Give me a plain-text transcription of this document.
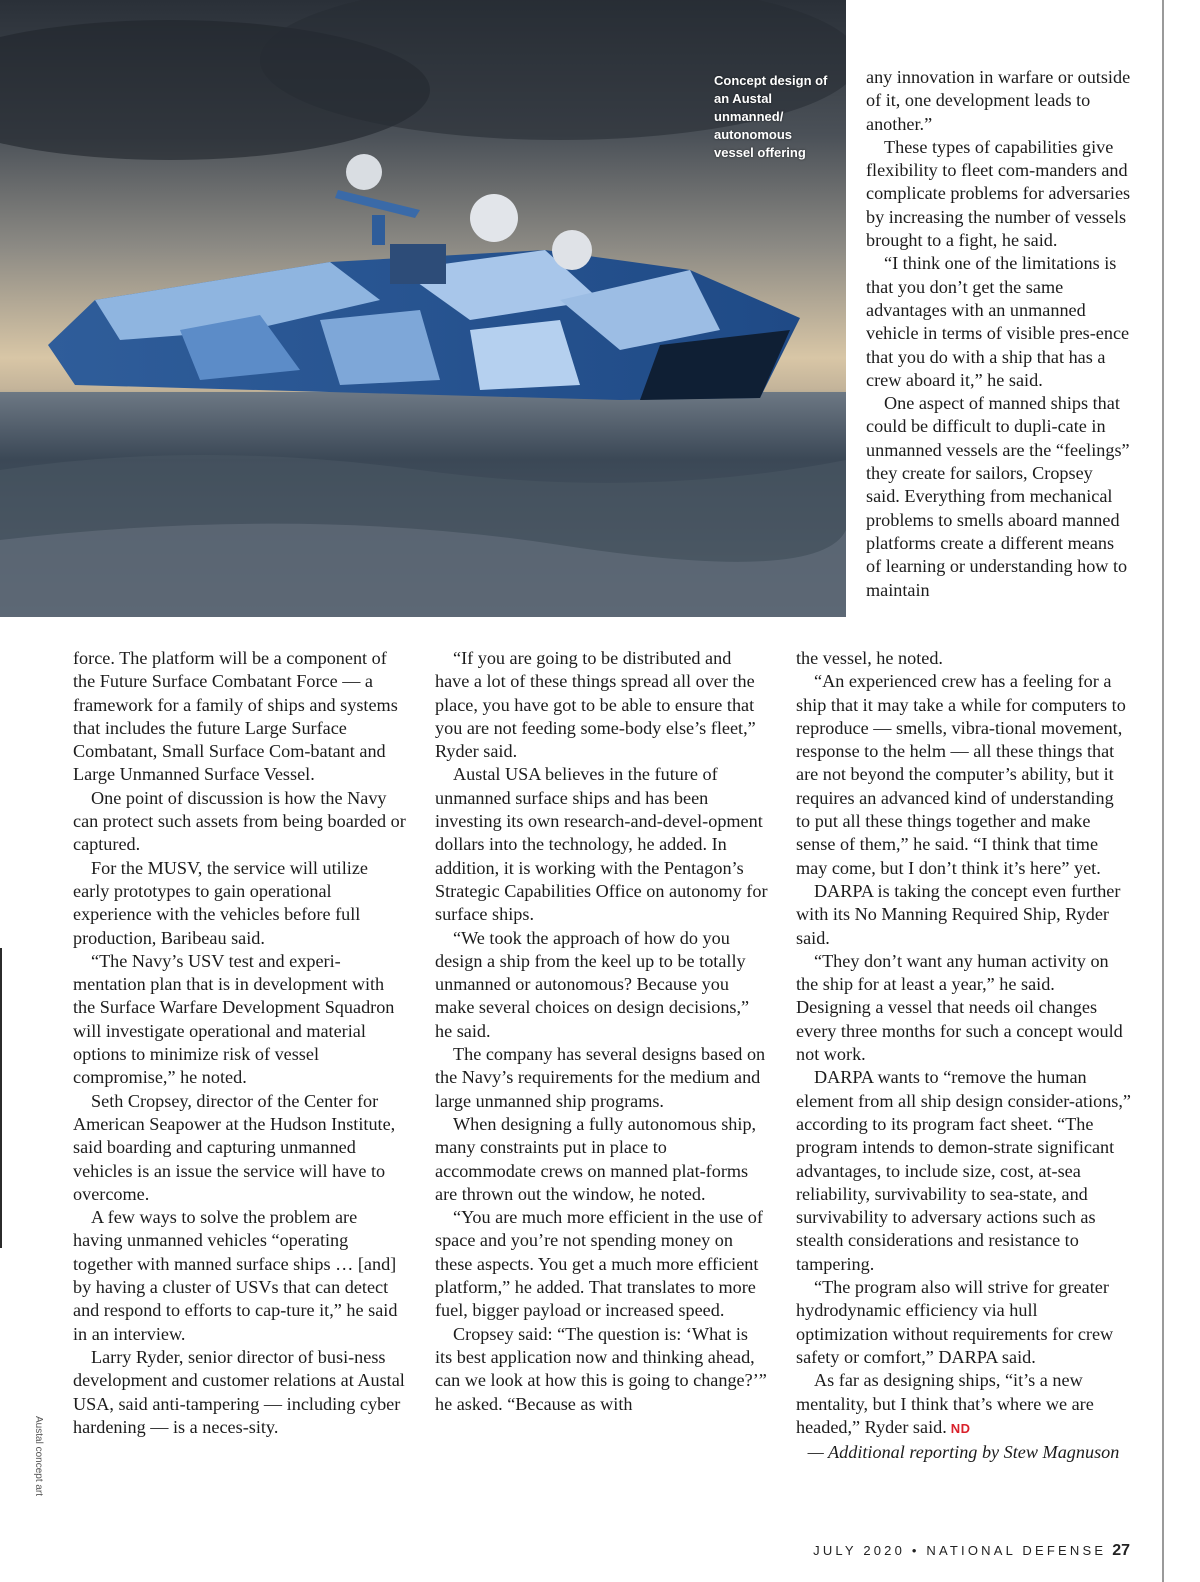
Concept design of an Austal unmanned/ autonomous vessel offering

any innovation in warfare or outside of it, one development leads to another.”

These types of capabilities give flexibility to fleet com-manders and complicate problems for adversaries by increasing the number of vessels brought to a fight, he said.

“I think one of the limitations is that you don’t get the same advantages with an unmanned vehicle in terms of visible pres-ence that you do with a ship that has a crew aboard it,” he said.

One aspect of manned ships that could be difficult to dupli-cate in unmanned vessels are the “feelings” they create for sailors, Cropsey said. Everything from mechanical problems to smells aboard manned platforms create a different means of learning or understanding how to maintain

force. The platform will be a component of the Future Surface Combatant Force — a framework for a family of ships and systems that includes the future Large Surface Combatant, Small Surface Com-batant and Large Unmanned Surface Vessel.

One point of discussion is how the Navy can protect such assets from being boarded or captured.

For the MUSV, the service will utilize early prototypes to gain operational experience with the vehicles before full production, Baribeau said.

“The Navy’s USV test and experi-mentation plan that is in development with the Surface Warfare Development Squadron will investigate operational and material options to minimize risk of vessel compromise,” he noted.

Seth Cropsey, director of the Center for American Seapower at the Hudson Institute, said boarding and capturing unmanned vehicles is an issue the service will have to overcome.

A few ways to solve the problem are having unmanned vehicles “operating together with manned surface ships … [and] by having a cluster of USVs that can detect and respond to efforts to cap-ture it,” he said in an interview.

Larry Ryder, senior director of busi-ness development and customer relations at Austal USA, said anti-tampering — including cyber hardening — is a neces-sity.

“If you are going to be distributed and have a lot of these things spread all over the place, you have got to be able to ensure that you are not feeding some-body else’s fleet,” Ryder said.

Austal USA believes in the future of unmanned surface ships and has been investing its own research-and-devel-opment dollars into the technology, he added. In addition, it is working with the Pentagon’s Strategic Capabilities Office on autonomy for surface ships.

“We took the approach of how do you design a ship from the keel up to be totally unmanned or autonomous? Because you make several choices on design decisions,” he said.

The company has several designs based on the Navy’s requirements for the medium and large unmanned ship programs.

When designing a fully autonomous ship, many constraints put in place to accommodate crews on manned plat-forms are thrown out the window, he noted.

“You are much more efficient in the use of space and you’re not spending money on these aspects. You get a much more efficient platform,” he added. That translates to more fuel, bigger payload or increased speed.

Cropsey said: “The question is: ‘What is its best application now and thinking ahead, can we look at how this is going to change?’” he asked. “Because as with

the vessel, he noted.

“An experienced crew has a feeling for a ship that it may take a while for computers to reproduce — smells, vibra-tional movement, response to the helm — all these things that are not beyond the computer’s ability, but it requires an advanced kind of understanding to put all these things together and make sense of them,” he said. “I think that time may come, but I don’t think it’s here” yet.

DARPA is taking the concept even further with its No Manning Required Ship, Ryder said.

“They don’t want any human activity on the ship for at least a year,” he said. Designing a vessel that needs oil changes every three months for such a concept would not work.

DARPA wants to “remove the human element from all ship design consider-ations,” according to its program fact sheet. “The program intends to demon-strate significant advantages, to include size, cost, at-sea reliability, survivability to sea-state, and survivability to adversary actions such as stealth considerations and resistance to tampering.

“The program also will strive for greater hydrodynamic efficiency via hull optimization without requirements for crew safety or comfort,” DARPA said.

As far as designing ships, “it’s a new mentality, but I think that’s where we are headed,” Ryder said. ND

— Additional reporting by Stew Magnuson
Austal concept art
JULY 2020 • NATIONAL DEFENSE 27
